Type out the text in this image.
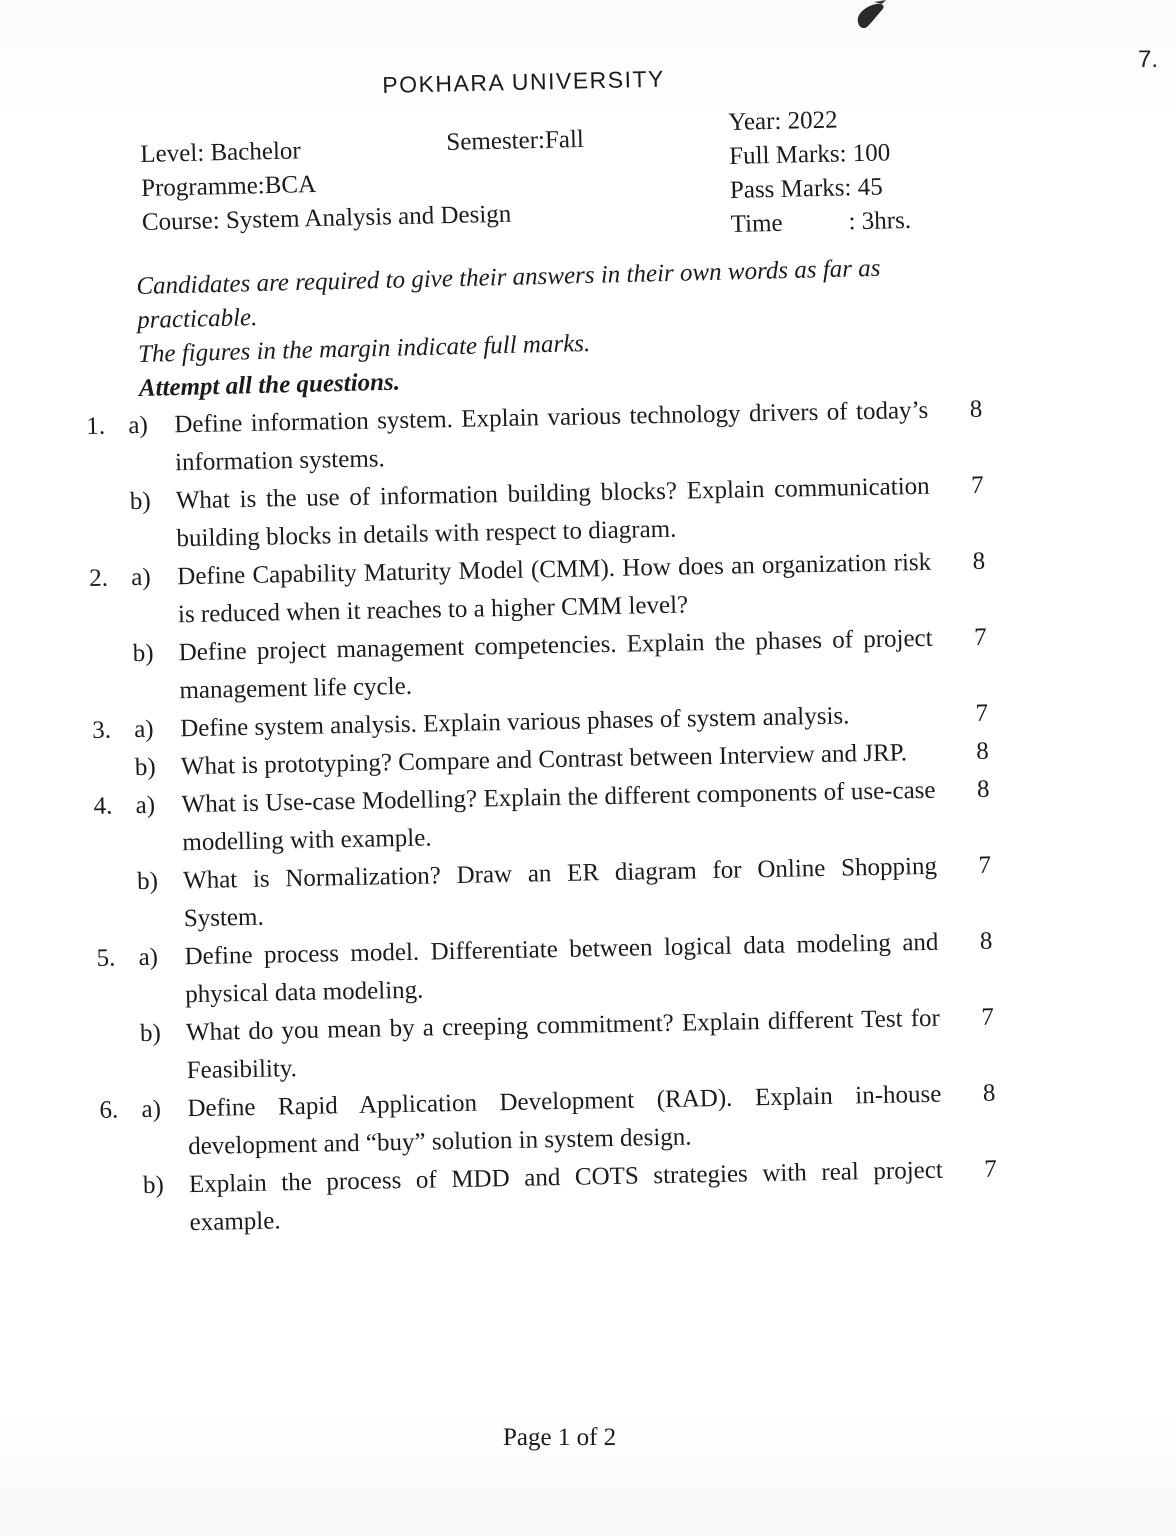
7.
POKHARA UNIVERSITY
Level: Bachelor
Programme:BCA
Course: System Analysis and Design
Semester:Fall
Year: 2022
Full Marks: 100
Pass Marks: 45
Time	: 3hrs.
Candidates are required to give their answers in their own words as far as practicable.
The figures in the margin indicate full marks.
Attempt all the questions.
1. a)	Define information system. Explain various technology drivers of today’s information systems.
8
b) What is the use of information building blocks? Explain communication building blocks in details with respect to diagram.
7
2. a)	Define Capability Maturity Model (CMM). How does an organization risk is reduced when it reaches to a higher CMM level?
8
b) Define project management competencies. Explain the phases of project management life cycle.
7
3. a)	Define system analysis. Explain various phases of system analysis.	7
b) What is prototyping? Compare and Contrast between Interview and JRP.	8
4. a)	What is Use-case Modelling? Explain the different components of use-case modelling with example.
8
b) What is Normalization? Draw an ER diagram for Online Shopping System.
7
5. a)	Define process model. Differentiate between logical data modeling and physical data modeling.
8
b) What do you mean by a creeping commitment? Explain different Test for Feasibility.
7
6. a)	Define Rapid Application Development (RAD). Explain in-house development and “buy” solution in system design.
8
b) Explain the process of MDD and COTS strategies with real project example.
7
Page 1 of 2
